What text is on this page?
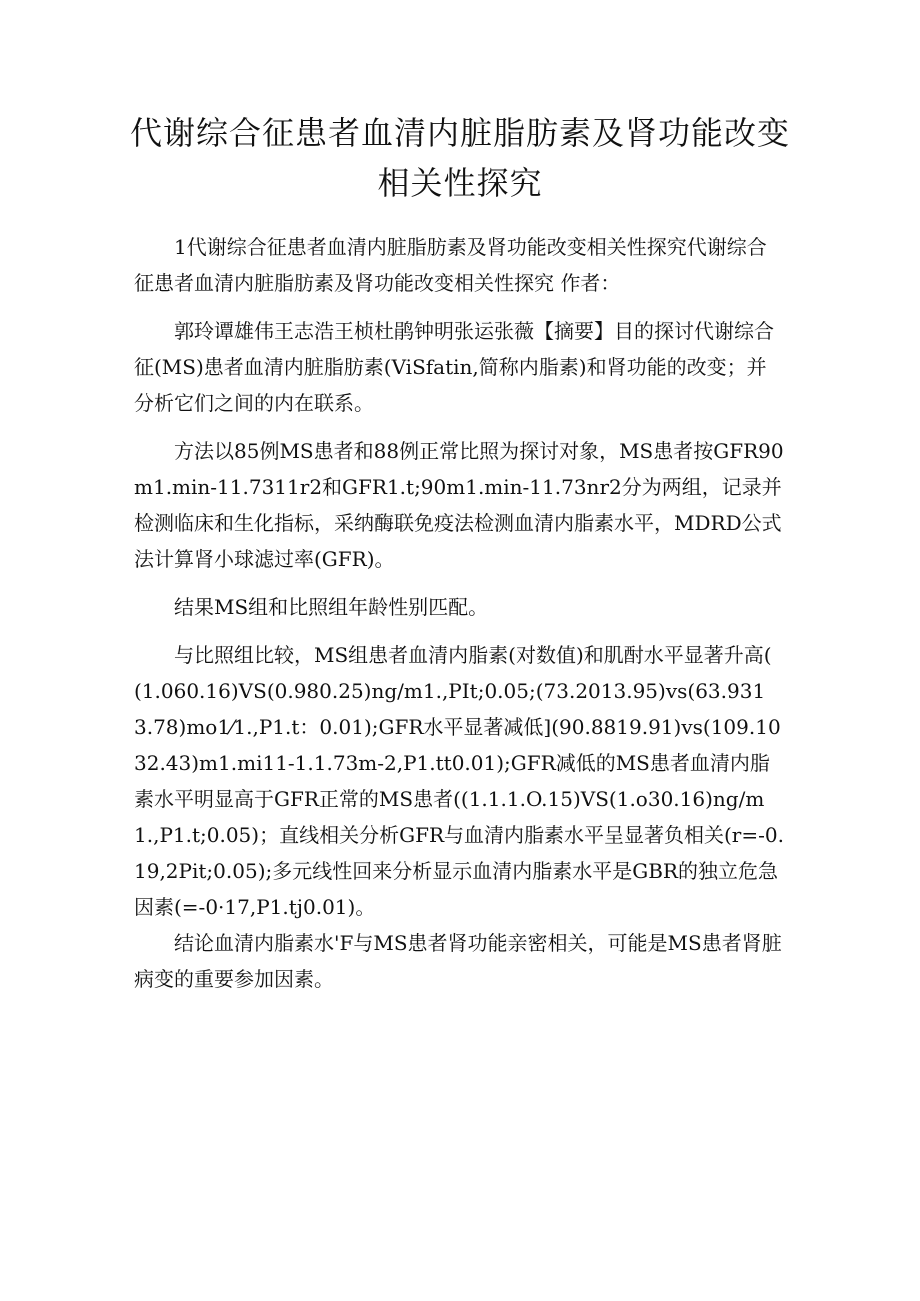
代谢综合征患者血清内脏脂肪素及肾功能改变相关性探究

1代谢综合征患者血清内脏脂肪素及肾功能改变相关性探究代谢综合征患者血清内脏脂肪素及肾功能改变相关性探究 作者：

郭玲谭雄伟王志浩王桢杜鹃钟明张运张薇【摘要】目的探讨代谢综合征(MS)患者血清内脏脂肪素(ViSfatin,简称内脂素)和肾功能的改变；并分析它们之间的内在联系。

方法以85例MS患者和88例正常比照为探讨对象，MS患者按GFR90m1.min-11.7311r2和GFR1.t;90m1.min-11.73nr2分为两组，记录并检测临床和生化指标，采纳酶联免疫法检测血清内脂素水平，MDRD公式法计算肾小球滤过率(GFR)。

结果MS组和比照组年龄性别匹配。

与比照组比较，MS组患者血清内脂素(对数值)和肌酎水平显著升高( (1.060.16)VS(0.980.25)ng/m1.,PIt;0.05;(73.2013.95)vs(63.9313.78)mo1⁄1.,P1.t：0.01);GFR水平显著减低](90.8819.91)vs(109.1032.43)m1.mi11-1.1.73m-2,P1.tt0.01);GFR减低的MS患者血清内脂素水平明显高于GFR正常的MS患者((1.1.1.O.15)VS(1.o30.16)ng/m1.,P1.t;0.05)；直线相关分析GFR与血清内脂素水平呈显著负相关(r=-0.19,2Pit;0.05);多元线性回来分析显示血清内脂素水平是GBR的独立危急因素(=-0·17,P1.tj0.01)。

结论血清内脂素水'F与MS患者肾功能亲密相关，可能是MS患者肾脏病变的重要参加因素。
